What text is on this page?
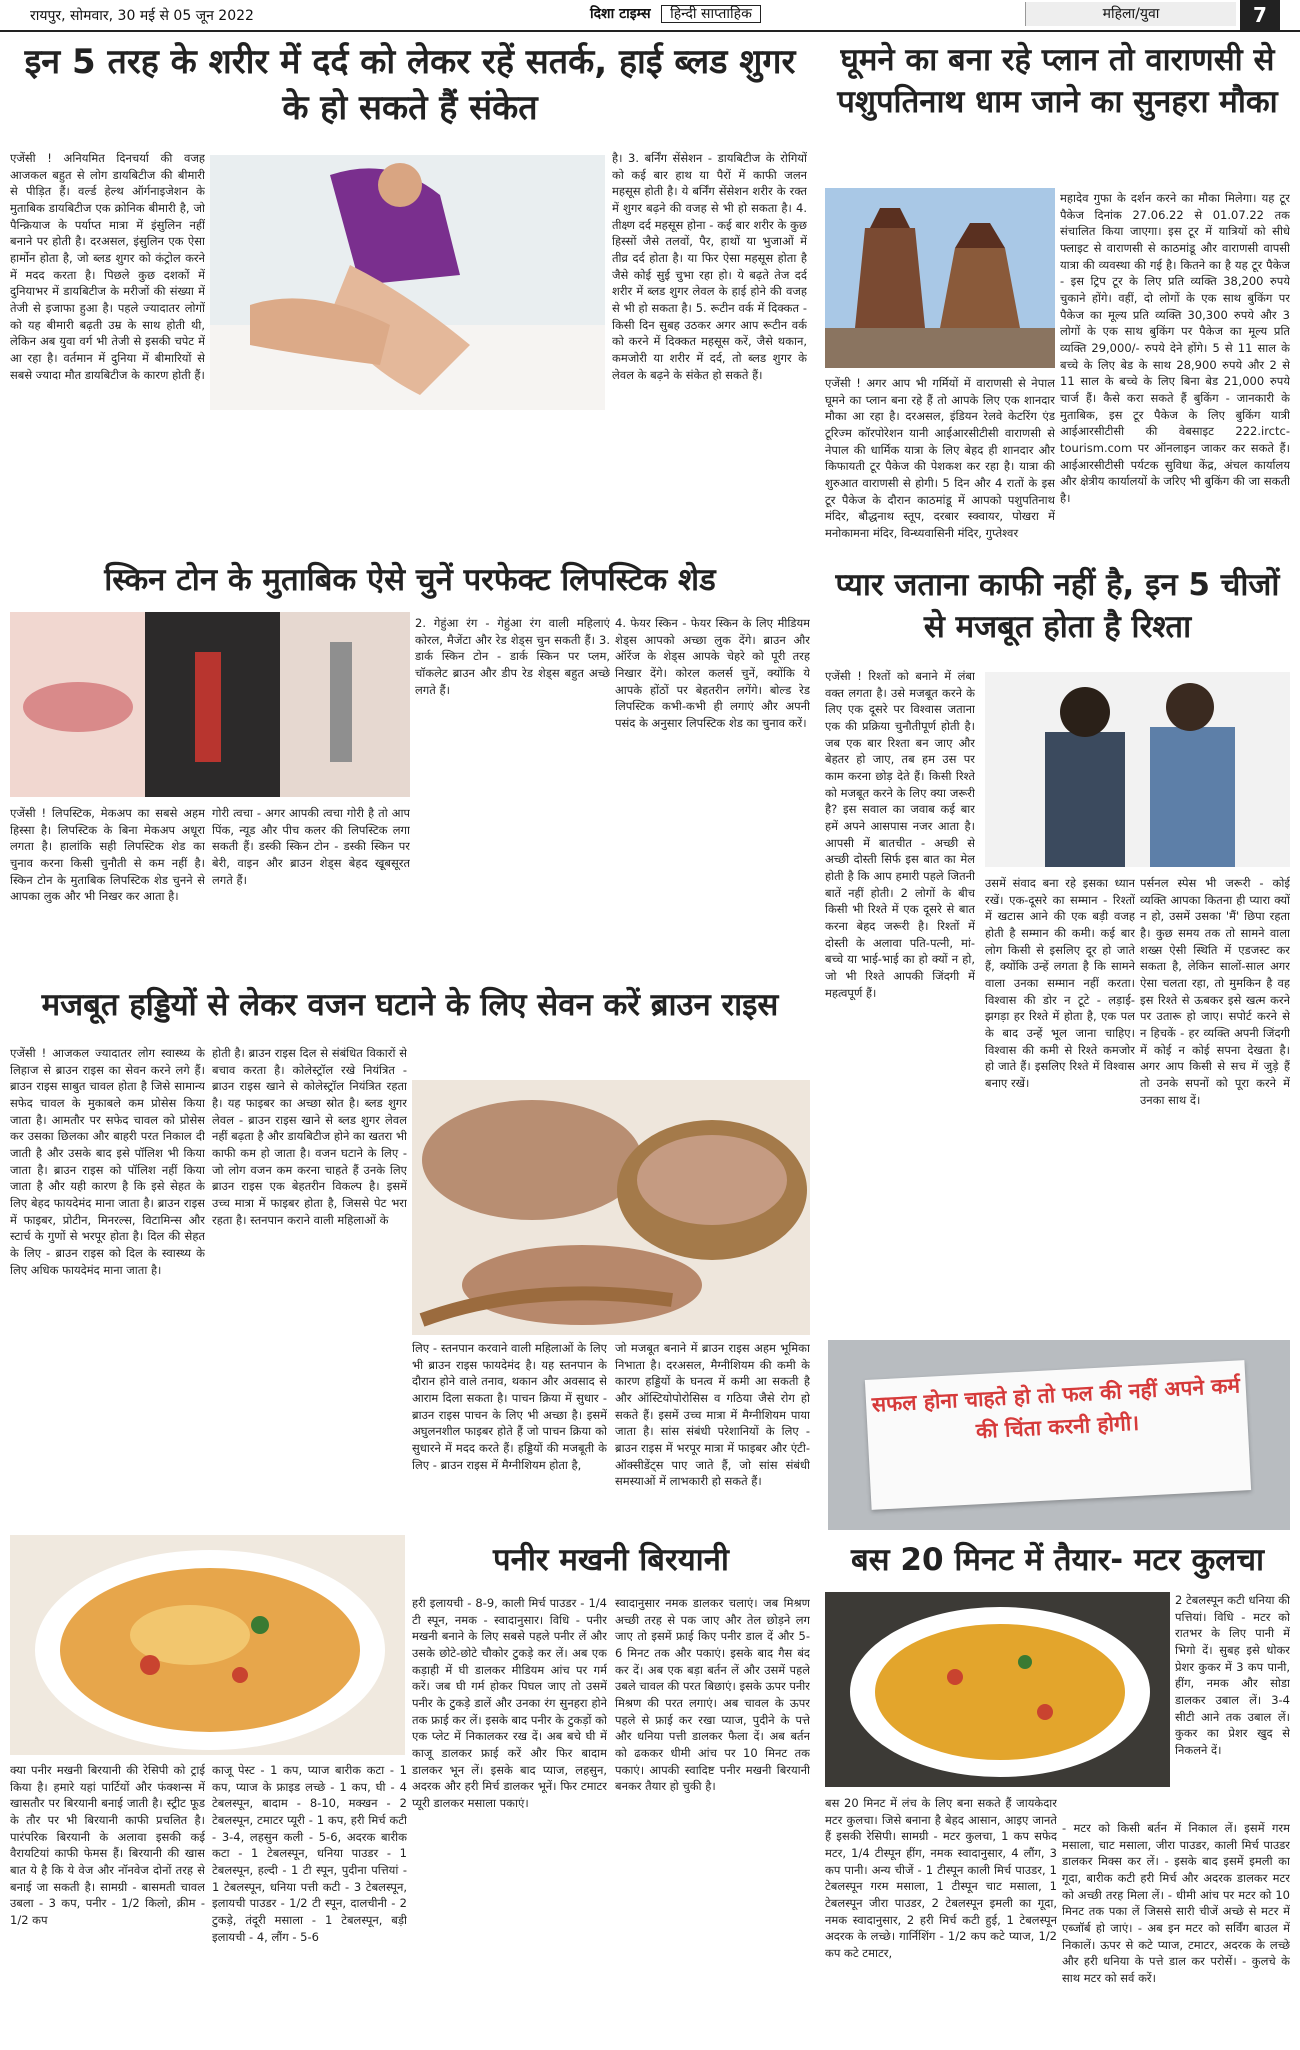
रायपुर, सोमवार, 30 मई से 05 जून 2022	दिशा टाइम्स हिन्दी साप्ताहिक	महिला/युवा	7
इन 5 तरह के शरीर में दर्द को लेकर रहें सतर्क, हाई ब्लड शुगर के हो सकते हैं संकेत
एजेंसी ! अनियमित दिनचर्या की वजह आजकल बहुत से लोग डायबिटीज की बीमारी से पीड़ित हैं। वर्ल्ड हेल्थ ऑर्गनाइजेशन के मुताबिक डायबिटीज एक क्रोनिक बीमारी है, जो पैन्क्रियाज के पर्याप्त मात्रा में इंसुलिन नहीं बनाने पर होती है। दरअसल, इंसुलिन एक ऐसा हार्मोन होता है, जो ब्लड शुगर को कंट्रोल करने में मदद करता है। पिछले कुछ दशकों में दुनियाभर में डायबिटीज के मरीजों की संख्या में तेजी से इजाफा हुआ है। पहले ज्यादातर लोगों को यह बीमारी बढ़ती उम्र के साथ होती थी, लेकिन अब युवा वर्ग भी तेजी से इसकी चपेट में आ रहा है। वर्तमान में दुनिया में बीमारियों से सबसे ज्यादा मौत डायबिटीज के कारण होती हैं।
है। 3. बर्निंग सेंसेशन - डायबिटीज के रोगियों को कई बार हाथ या पैरों में काफी जलन महसूस होती है। ये बर्निंग सेंसेशन शरीर के रक्त में शुगर बढ़ने की वजह से भी हो सकता है। 4. तीक्ष्ण दर्द महसूस होना - कई बार शरीर के कुछ हिस्सों जैसे तलवों, पैर, हाथों या भुजाओं में तीव्र दर्द होता है। या फिर ऐसा महसूस होता है जैसे कोई सुई चुभा रहा हो। ये बढ़ते तेज दर्द शरीर में ब्लड शुगर लेवल के हाई होने की वजह से भी हो सकता है। 5. रूटीन वर्क में दिक्कत - किसी दिन सुबह उठकर अगर आप रूटीन वर्क को करने में दिक्कत महसूस करें, जैसे थकान, कमजोरी या शरीर में दर्द, तो ब्लड शुगर के लेवल के बढ़ने के संकेत हो सकते हैं।
स्किन टोन के मुताबिक ऐसे चुनें परफेक्ट लिपस्टिक शेड
एजेंसी ! लिपस्टिक, मेकअप का सबसे अहम हिस्सा है। लिपस्टिक के बिना मेकअप अधूरा लगता है। हालांकि सही लिपस्टिक शेड का चुनाव करना किसी चुनौती से कम नहीं है। स्किन टोन के मुताबिक लिपस्टिक शेड चुनने से आपका लुक और भी निखर कर आता है।
गोरी त्वचा - अगर आपकी त्वचा गोरी है तो आप पिंक, न्यूड और पीच कलर की लिपस्टिक लगा सकती हैं। डस्की स्किन टोन - डस्की स्किन पर बेरी, वाइन और ब्राउन शेड्स बेहद खूबसूरत लगते हैं।
2. गेहुंआ रंग - गेहुंआ रंग वाली महिलाएं कोरल, मैजेंटा और रेड शेड्स चुन सकती हैं। 3. डार्क स्किन टोन - डार्क स्किन पर प्लम, चॉकलेट ब्राउन और डीप रेड शेड्स बहुत अच्छे लगते हैं।
4. फेयर स्किन - फेयर स्किन के लिए मीडियम शेड्स आपको अच्छा लुक देंगे। ब्राउन और ऑरेंज के शेड्स आपके चेहरे को पूरी तरह निखार देंगे। कोरल कलर्स चुनें, क्योंकि ये आपके होंठों पर बेहतरीन लगेंगे। बोल्ड रेड लिपस्टिक कभी-कभी ही लगाएं और अपनी पसंद के अनुसार लिपस्टिक शेड का चुनाव करें।
मजबूत हड्डियों से लेकर वजन घटाने के लिए सेवन करें ब्राउन राइस
एजेंसी ! आजकल ज्यादातर लोग स्वास्थ्य के लिहाज से ब्राउन राइस का सेवन करने लगे हैं। ब्राउन राइस साबुत चावल होता है जिसे सामान्य सफेद चावल के मुकाबले कम प्रोसेस किया जाता है। आमतौर पर सफेद चावल को प्रोसेस कर उसका छिलका और बाहरी परत निकाल दी जाती है और उसके बाद इसे पॉलिश भी किया जाता है। ब्राउन राइस को पॉलिश नहीं किया जाता है और यही कारण है कि इसे सेहत के लिए बेहद फायदेमंद माना जाता है। ब्राउन राइस में फाइबर, प्रोटीन, मिनरल्स, विटामिन्स और स्टार्च के गुणों से भरपूर होता है। दिल की सेहत के लिए - ब्राउन राइस को दिल के स्वास्थ्य के लिए अधिक फायदेमंद माना जाता है।
होती है। ब्राउन राइस दिल से संबंधित विकारों से बचाव करता है। कोलेस्ट्रॉल रखे नियंत्रित - ब्राउन राइस खाने से कोलेस्ट्रॉल नियंत्रित रहता है। यह फाइबर का अच्छा स्रोत है। ब्लड शुगर लेवल - ब्राउन राइस खाने से ब्लड शुगर लेवल नहीं बढ़ता है और डायबिटीज होने का खतरा भी काफी कम हो जाता है। वजन घटाने के लिए - जो लोग वजन कम करना चाहते हैं उनके लिए ब्राउन राइस एक बेहतरीन विकल्प है। इसमें उच्च मात्रा में फाइबर होता है, जिससे पेट भरा रहता है। स्तनपान कराने वाली महिलाओं के
लिए - स्तनपान करवाने वाली महिलाओं के लिए भी ब्राउन राइस फायदेमंद है। यह स्तनपान के दौरान होने वाले तनाव, थकान और अवसाद से आराम दिला सकता है। पाचन क्रिया में सुधार - ब्राउन राइस पाचन के लिए भी अच्छा है। इसमें अघुलनशील फाइबर होते हैं जो पाचन क्रिया को सुधारने में मदद करते हैं। हड्डियों की मजबूती के लिए - ब्राउन राइस में मैग्नीशियम होता है,
जो मजबूत बनाने में ब्राउन राइस अहम भूमिका निभाता है। दरअसल, मैग्नीशियम की कमी के कारण हड्डियों के घनत्व में कमी आ सकती है और ऑस्टियोपोरोसिस व गठिया जैसे रोग हो सकते हैं। इसमें उच्च मात्रा में मैग्नीशियम पाया जाता है। सांस संबंधी परेशानियों के लिए - ब्राउन राइस में भरपूर मात्रा में फाइबर और एंटी-ऑक्सीडेंट्स पाए जाते हैं, जो सांस संबंधी समस्याओं में लाभकारी हो सकते हैं।
पनीर मखनी बिरयानी
क्या पनीर मखनी बिरयानी की रेसिपी को ट्राई किया है। हमारे यहां पार्टियों और फंक्शन्स में खासतौर पर बिरयानी बनाई जाती है। स्ट्रीट फूड के तौर पर भी बिरयानी काफी प्रचलित है। पारंपरिक बिरयानी के अलावा इसकी कई वैरायटियां काफी फेमस हैं। बिरयानी की खास बात ये है कि ये वेज और नॉनवेज दोनों तरह से बनाई जा सकती है। सामग्री - बासमती चावल उबला - 3 कप, पनीर - 1/2 किलो, क्रीम - 1/2 कप
काजू पेस्ट - 1 कप, प्याज बारीक कटा - 1 कप, प्याज के फ्राइड लच्छे - 1 कप, घी - 4 टेबलस्पून, बादाम - 8-10, मक्खन - 2 टेबलस्पून, टमाटर प्यूरी - 1 कप, हरी मिर्च कटी - 3-4, लहसुन कली - 5-6, अदरक बारीक कटा - 1 टेबलस्पून, धनिया पाउडर - 1 टेबलस्पून, हल्दी - 1 टी स्पून, पुदीना पत्तियां - 1 टेबलस्पून, धनिया पत्ती कटी - 3 टेबलस्पून, इलायची पाउडर - 1/2 टी स्पून, दालचीनी - 2 टुकड़े, तंदूरी मसाला - 1 टेबलस्पून, बड़ी इलायची - 4, लौंग - 5-6
हरी इलायची - 8-9, काली मिर्च पाउडर - 1/4 टी स्पून, नमक - स्वादानुसार। विधि - पनीर मखनी बनाने के लिए सबसे पहले पनीर लें और उसके छोटे-छोटे चौकोर टुकड़े कर लें। अब एक कड़ाही में घी डालकर मीडियम आंच पर गर्म करें। जब घी गर्म होकर पिघल जाए तो उसमें पनीर के टुकड़े डालें और उनका रंग सुनहरा होने तक फ्राई कर लें। इसके बाद पनीर के टुकड़ों को एक प्लेट में निकालकर रख दें। अब बचे घी में काजू डालकर फ्राई करें और फिर बादाम डालकर भून लें। इसके बाद प्याज, लहसुन, अदरक और हरी मिर्च डालकर भूनें। फिर टमाटर प्यूरी डालकर मसाला पकाएं।
स्वादानुसार नमक डालकर चलाएं। जब मिश्रण अच्छी तरह से पक जाए और तेल छोड़ने लग जाए तो इसमें फ्राई किए पनीर डाल दें और 5-6 मिनट तक और पकाएं। इसके बाद गैस बंद कर दें। अब एक बड़ा बर्तन लें और उसमें पहले उबले चावल की परत बिछाएं। इसके ऊपर पनीर मिश्रण की परत लगाएं। अब चावल के ऊपर पहले से फ्राई कर रखा प्याज, पुदीने के पत्ते और धनिया पत्ती डालकर फैला दें। अब बर्तन को ढककर धीमी आंच पर 10 मिनट तक पकाएं। आपकी स्वादिष्ट पनीर मखनी बिरयानी बनकर तैयार हो चुकी है।
घूमने का बना रहे प्लान तो वाराणसी से पशुपतिनाथ धाम जाने का सुनहरा मौका
महादेव गुफा के दर्शन करने का मौका मिलेगा। यह टूर पैकेज दिनांक 27.06.22 से 01.07.22 तक संचालित किया जाएगा। इस टूर में यात्रियों को सीधे फ्लाइट से वाराणसी से काठमांडू और वाराणसी वापसी यात्रा की व्यवस्था की गई है। कितने का है यह टूर पैकेज - इस ट्रिप टूर के लिए प्रति व्यक्ति 38,200 रुपये चुकाने होंगे। वहीं, दो लोगों के एक साथ बुकिंग पर पैकेज का मूल्य प्रति व्यक्ति 30,300 रुपये और 3 लोगों के एक साथ बुकिंग पर पैकेज का मूल्य प्रति व्यक्ति 29,000/- रुपये देने होंगे। 5 से 11 साल के बच्चे के लिए बेड के साथ 28,900 रुपये और 2 से 11 साल के बच्चे के लिए बिना बेड 21,000 रुपये चार्ज हैं। कैसे करा सकते हैं बुकिंग - जानकारी के मुताबिक, इस टूर पैकेज के लिए बुकिंग यात्री आईआरसीटीसी की वेबसाइट 222.irctc-tourism.com पर ऑनलाइन जाकर कर सकते हैं। आईआरसीटीसी पर्यटक सुविधा केंद्र, अंचल कार्यालय और क्षेत्रीय कार्यालयों के जरिए भी बुकिंग की जा सकती है।
एजेंसी ! अगर आप भी गर्मियों में वाराणसी से नेपाल घूमने का प्लान बना रहे हैं तो आपके लिए एक शानदार मौका आ रहा है। दरअसल, इंडियन रेलवे केटरिंग एंड टूरिज्म कॉरपोरेशन यानी आईआरसीटीसी वाराणसी से नेपाल की धार्मिक यात्रा के लिए बेहद ही शानदार और किफायती टूर पैकेज की पेशकश कर रहा है। यात्रा की शुरुआत वाराणसी से होगी। 5 दिन और 4 रातों के इस टूर पैकेज के दौरान काठमांडू में आपको पशुपतिनाथ मंदिर, बौद्धनाथ स्तूप, दरबार स्क्वायर, पोखरा में मनोकामना मंदिर, विन्ध्यवासिनी मंदिर, गुप्तेश्वर
प्यार जताना काफी नहीं है, इन 5 चीजों से मजबूत होता है रिश्ता
एजेंसी ! रिश्तों को बनाने में लंबा वक्त लगता है। उसे मजबूत करने के लिए एक दूसरे पर विश्वास जताना एक की प्रक्रिया चुनौतीपूर्ण होती है। जब एक बार रिश्ता बन जाए और बेहतर हो जाए, तब हम उस पर काम करना छोड़ देते हैं। किसी रिश्ते को मजबूत करने के लिए क्या जरूरी है? इस सवाल का जवाब कई बार हमें अपने आसपास नजर आता है। आपसी में बातचीत - अच्छी से अच्छी दोस्ती सिर्फ इस बात का मेल होती है कि आप हमारी पहले जितनी बातें नहीं होती। 2 लोगों के बीच किसी भी रिश्ते में एक दूसरे से बात करना बेहद जरूरी है। रिश्तों में दोस्ती के अलावा पति-पत्नी, मां-बच्चे या भाई-भाई का हो क्यों न हो, जो भी रिश्ते आपकी जिंदगी में महत्वपूर्ण हैं।
उसमें संवाद बना रहे इसका ध्यान रखें। एक-दूसरे का सम्मान - रिश्तों में खटास आने की एक बड़ी वजह होती है सम्मान की कमी। कई बार लोग किसी से इसलिए दूर हो जाते हैं, क्योंकि उन्हें लगता है कि सामने वाला उनका सम्मान नहीं करता। विश्वास की डोर न टूटे - लड़ाई-झगड़ा हर रिश्ते में होता है, एक पल के बाद उन्हें भूल जाना चाहिए। विश्वास की कमी से रिश्ते कमजोर हो जाते हैं। इसलिए रिश्ते में विश्वास बनाए रखें।
पर्सनल स्पेस भी जरूरी - कोई व्यक्ति आपका कितना ही प्यारा क्यों न हो, उसमें उसका 'मैं' छिपा रहता है। कुछ समय तक तो सामने वाला शख्स ऐसी स्थिति में एडजस्ट कर सकता है, लेकिन सालों-साल अगर ऐसा चलता रहा, तो मुमकिन है वह इस रिश्ते से ऊबकर इसे खत्म करने पर उतारू हो जाए। सपोर्ट करने से न हिचकें - हर व्यक्ति अपनी जिंदगी में कोई न कोई सपना देखता है। अगर आप किसी से सच में जुड़े हैं तो उनके सपनों को पूरा करने में उनका साथ दें।
सफल होना चाहते हो तो फल की नहीं अपने कर्म की चिंता करनी होगी।
बस 20 मिनट में तैयार- मटर कुलचा
2 टेबलस्पून कटी धनिया की पत्तियां। विधि - मटर को रातभर के लिए पानी में भिगो दें। सुबह इसे धोकर प्रेशर कुकर में 3 कप पानी, हींग, नमक और सोडा डालकर उबाल लें। 3-4 सीटी आने तक उबाल लें। कुकर का प्रेशर खुद से निकलने दें।
बस 20 मिनट में लंच के लिए बना सकते हैं जायकेदार मटर कुलचा। जिसे बनाना है बेहद आसान, आइए जानते हैं इसकी रेसिपी। सामग्री - मटर कुलचा, 1 कप सफेद मटर, 1/4 टीस्पून हींग, नमक स्वादानुसार, 4 लौंग, 3 कप पानी। अन्य चीजें - 1 टीस्पून काली मिर्च पाउडर, 1 टेबलस्पून गरम मसाला, 1 टीस्पून चाट मसाला, 1 टेबलस्पून जीरा पाउडर, 2 टेबलस्पून इमली का गूदा, नमक स्वादानुसार, 2 हरी मिर्च कटी हुई, 1 टेबलस्पून अदरक के लच्छे। गार्निशिंग - 1/2 कप कटे प्याज, 1/2 कप कटे टमाटर,
- मटर को किसी बर्तन में निकाल लें। इसमें गरम मसाला, चाट मसाला, जीरा पाउडर, काली मिर्च पाउडर डालकर मिक्स कर लें। - इसके बाद इसमें इमली का गूदा, बारीक कटी हरी मिर्च और अदरक डालकर मटर को अच्छी तरह मिला लें। - धीमी आंच पर मटर को 10 मिनट तक पका लें जिससे सारी चीजें अच्छे से मटर में एब्जॉर्ब हो जाएं। - अब इन मटर को सर्विंग बाउल में निकालें। ऊपर से कटे प्याज, टमाटर, अदरक के लच्छे और हरी धनिया के पत्ते डाल कर परोसें। - कुलचे के साथ मटर को सर्व करें।
